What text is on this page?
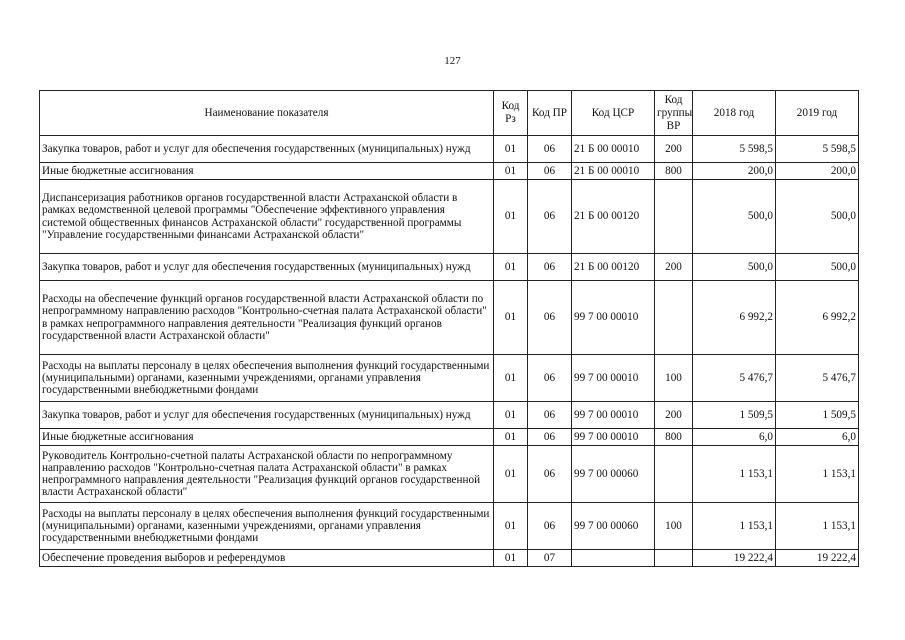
127
Наименование показателя	Код Рз	Код ПР	Код ЦСР	Код группы ВР	2018 год	2019 год
Закупка товаров, работ и услуг для обеспечения государственных (муниципальных) нужд	01	06	21 Б 00 00010	200	5 598,5	5 598,5
Иные бюджетные ассигнования	01	06	21 Б 00 00010	800	200,0	200,0
Диспансеризация работников органов государственной власти Астраханской области в рамках ведомственной целевой программы "Обеспечение эффективного управления системой общественных финансов Астраханской области" государственной программы "Управление государственными финансами Астраханской области"	01	06	21 Б 00 00120		500,0	500,0
Закупка товаров, работ и услуг для обеспечения государственных (муниципальных) нужд	01	06	21 Б 00 00120	200	500,0	500,0
Расходы на обеспечение функций органов государственной власти Астраханской области по непрограммному направлению расходов "Контрольно-счетная палата Астраханской области" в рамках непрограммного направления деятельности "Реализация функций органов государственной власти Астраханской области"	01	06	99 7 00 00010		6 992,2	6 992,2
Расходы на выплаты персоналу в целях обеспечения выполнения функций государственными (муниципальными) органами, казенными учреждениями, органами управления государственными внебюджетными фондами	01	06	99 7 00 00010	100	5 476,7	5 476,7
Закупка товаров, работ и услуг для обеспечения государственных (муниципальных) нужд	01	06	99 7 00 00010	200	1 509,5	1 509,5
Иные бюджетные ассигнования	01	06	99 7 00 00010	800	6,0	6,0
Руководитель Контрольно-счетной палаты Астраханской области по непрограммному направлению расходов "Контрольно-счетная палата Астраханской области" в рамках непрограммного направления деятельности "Реализация функций органов государственной власти Астраханской области"	01	06	99 7 00 00060		1 153,1	1 153,1
Расходы на выплаты персоналу в целях обеспечения выполнения функций государственными (муниципальными) органами, казенными учреждениями, органами управления государственными внебюджетными фондами	01	06	99 7 00 00060	100	1 153,1	1 153,1
Обеспечение проведения выборов и референдумов	01	07			19 222,4	19 222,4
